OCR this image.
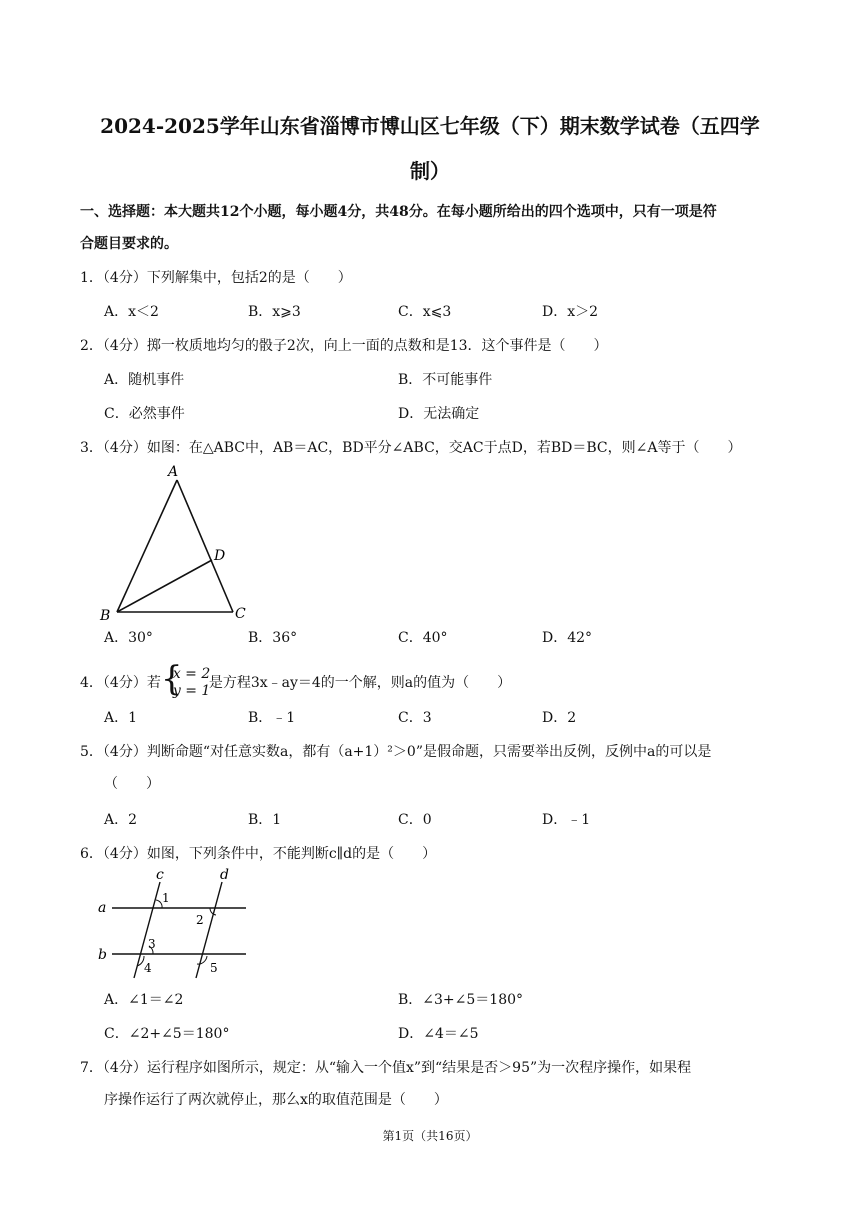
2024-2025学年山东省淄博市博山区七年级（下）期末数学试卷（五四学
制）
一、选择题：本大题共12个小题，每小题4分，共48分。在每小题所给出的四个选项中，只有一项是符
合题目要求的。
1．（4分）下列解集中，包括2的是（　　）
A．x＜2	B．x⩾3	C．x⩽3	D．x＞2
2．（4分）掷一枚质地均匀的骰子2次，向上一面的点数和是13．这个事件是（　　）
A．随机事件	B．不可能事件
C．必然事件	D．无法确定
3．（4分）如图：在△ABC中，AB＝AC，BD平分∠ABC，交AC于点D，若BD＝BC，则∠A等于（　　）
A
B	C
D
A．30°	B．36°	C．40°	D．42°
4．（4分）若 {
x = 2
y = 1
是方程3x﹣ay＝4的一个解，则a的值为（　　）
A．1	B．﹣1	C．3	D．2
5．（4分）判断命题“对任意实数a，都有（a+1）²＞0”是假命题，只需要举出反例，反例中a的可以是
（　　）
A．2	B．1	C．0	D．﹣1
6．（4分）如图，下列条件中，不能判断c∥d的是（　　）
a
b
c	d
1
2
3
4	5
A．∠1＝∠2	B．∠3+∠5＝180°
C．∠2+∠5＝180°	D．∠4＝∠5
7．（4分）运行程序如图所示，规定：从“输入一个值x”到“结果是否＞95”为一次程序操作，如果程
序操作运行了两次就停止，那么x的取值范围是（　　）
第1页（共16页）
